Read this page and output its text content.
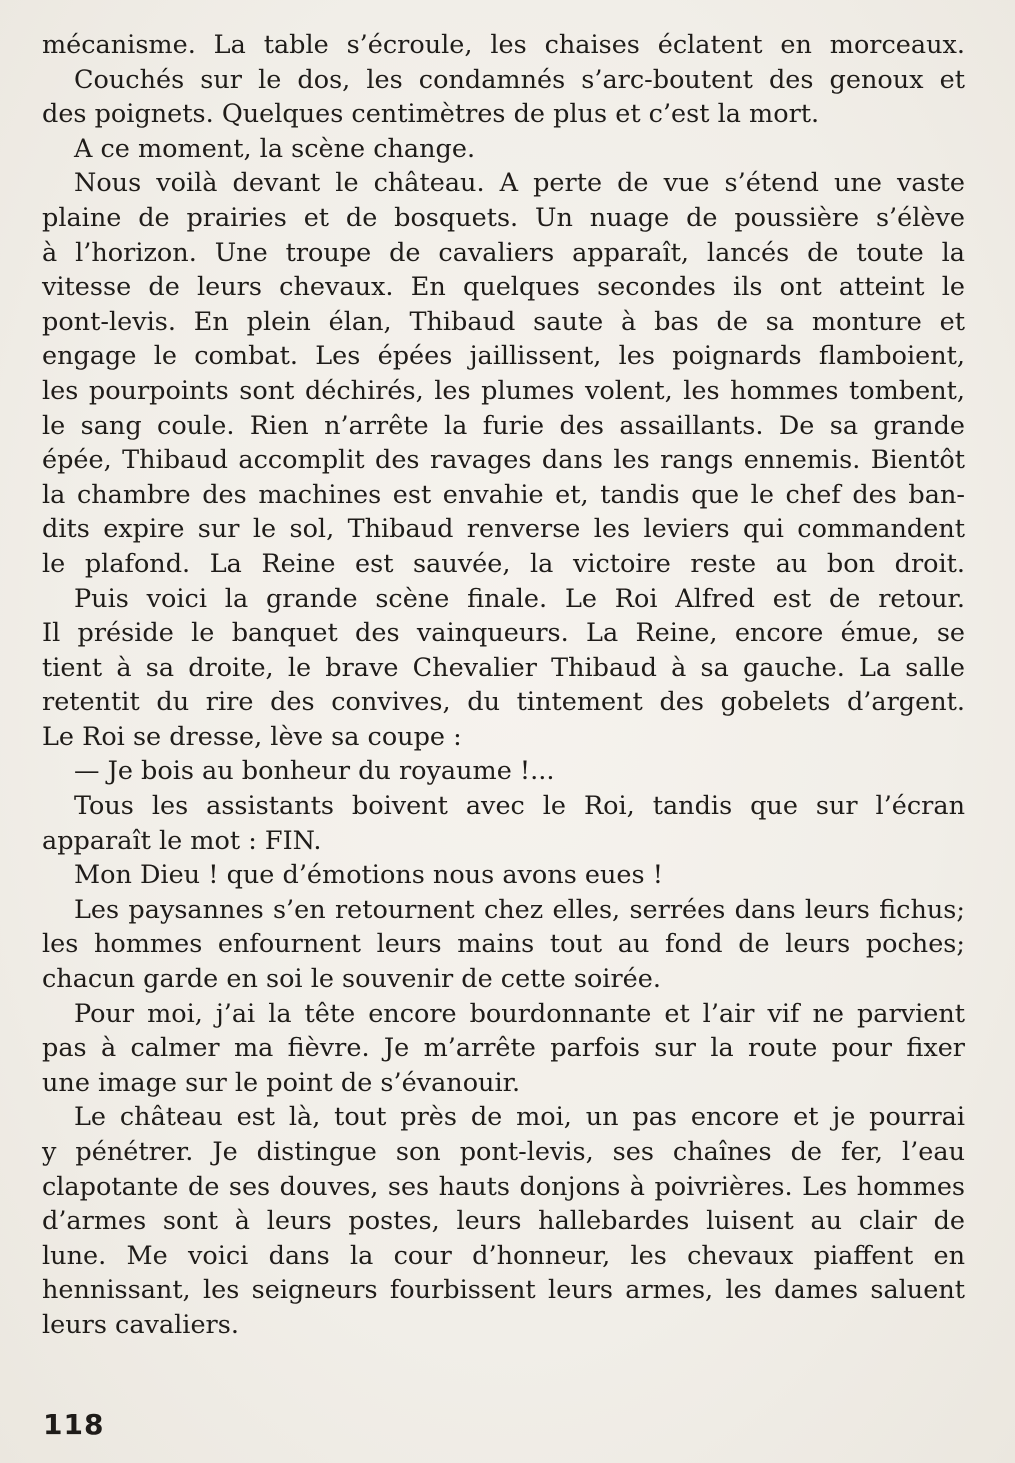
mécanisme. La table s’écroule, les chaises éclatent en morceaux.
Couchés sur le dos, les condamnés s’arc-boutent des genoux et
des poignets. Quelques centimètres de plus et c’est la mort.
A ce moment, la scène change.
Nous voilà devant le château. A perte de vue s’étend une vaste
plaine de prairies et de bosquets. Un nuage de poussière s’élève
à l’horizon. Une troupe de cavaliers apparaît, lancés de toute la
vitesse de leurs chevaux. En quelques secondes ils ont atteint le
pont-levis. En plein élan, Thibaud saute à bas de sa monture et
engage le combat. Les épées jaillissent, les poignards flamboient,
les pourpoints sont déchirés, les plumes volent, les hommes tombent,
le sang coule. Rien n’arrête la furie des assaillants. De sa grande
épée, Thibaud accomplit des ravages dans les rangs ennemis. Bientôt
la chambre des machines est envahie et, tandis que le chef des ban-
dits expire sur le sol, Thibaud renverse les leviers qui commandent
le plafond. La Reine est sauvée, la victoire reste au bon droit.
Puis voici la grande scène finale. Le Roi Alfred est de retour.
Il préside le banquet des vainqueurs. La Reine, encore émue, se
tient à sa droite, le brave Chevalier Thibaud à sa gauche. La salle
retentit du rire des convives, du tintement des gobelets d’argent.
Le Roi se dresse, lève sa coupe :
— Je bois au bonheur du royaume !...
Tous les assistants boivent avec le Roi, tandis que sur l’écran
apparaît le mot : FIN.
Mon Dieu ! que d’émotions nous avons eues !
Les paysannes s’en retournent chez elles, serrées dans leurs fichus;
les hommes enfournent leurs mains tout au fond de leurs poches;
chacun garde en soi le souvenir de cette soirée.
Pour moi, j’ai la tête encore bourdonnante et l’air vif ne parvient
pas à calmer ma fièvre. Je m’arrête parfois sur la route pour fixer
une image sur le point de s’évanouir.
Le château est là, tout près de moi, un pas encore et je pourrai
y pénétrer. Je distingue son pont-levis, ses chaînes de fer, l’eau
clapotante de ses douves, ses hauts donjons à poivrières. Les hommes
d’armes sont à leurs postes, leurs hallebardes luisent au clair de
lune. Me voici dans la cour d’honneur, les chevaux piaffent en
hennissant, les seigneurs fourbissent leurs armes, les dames saluent
leurs cavaliers.
118
